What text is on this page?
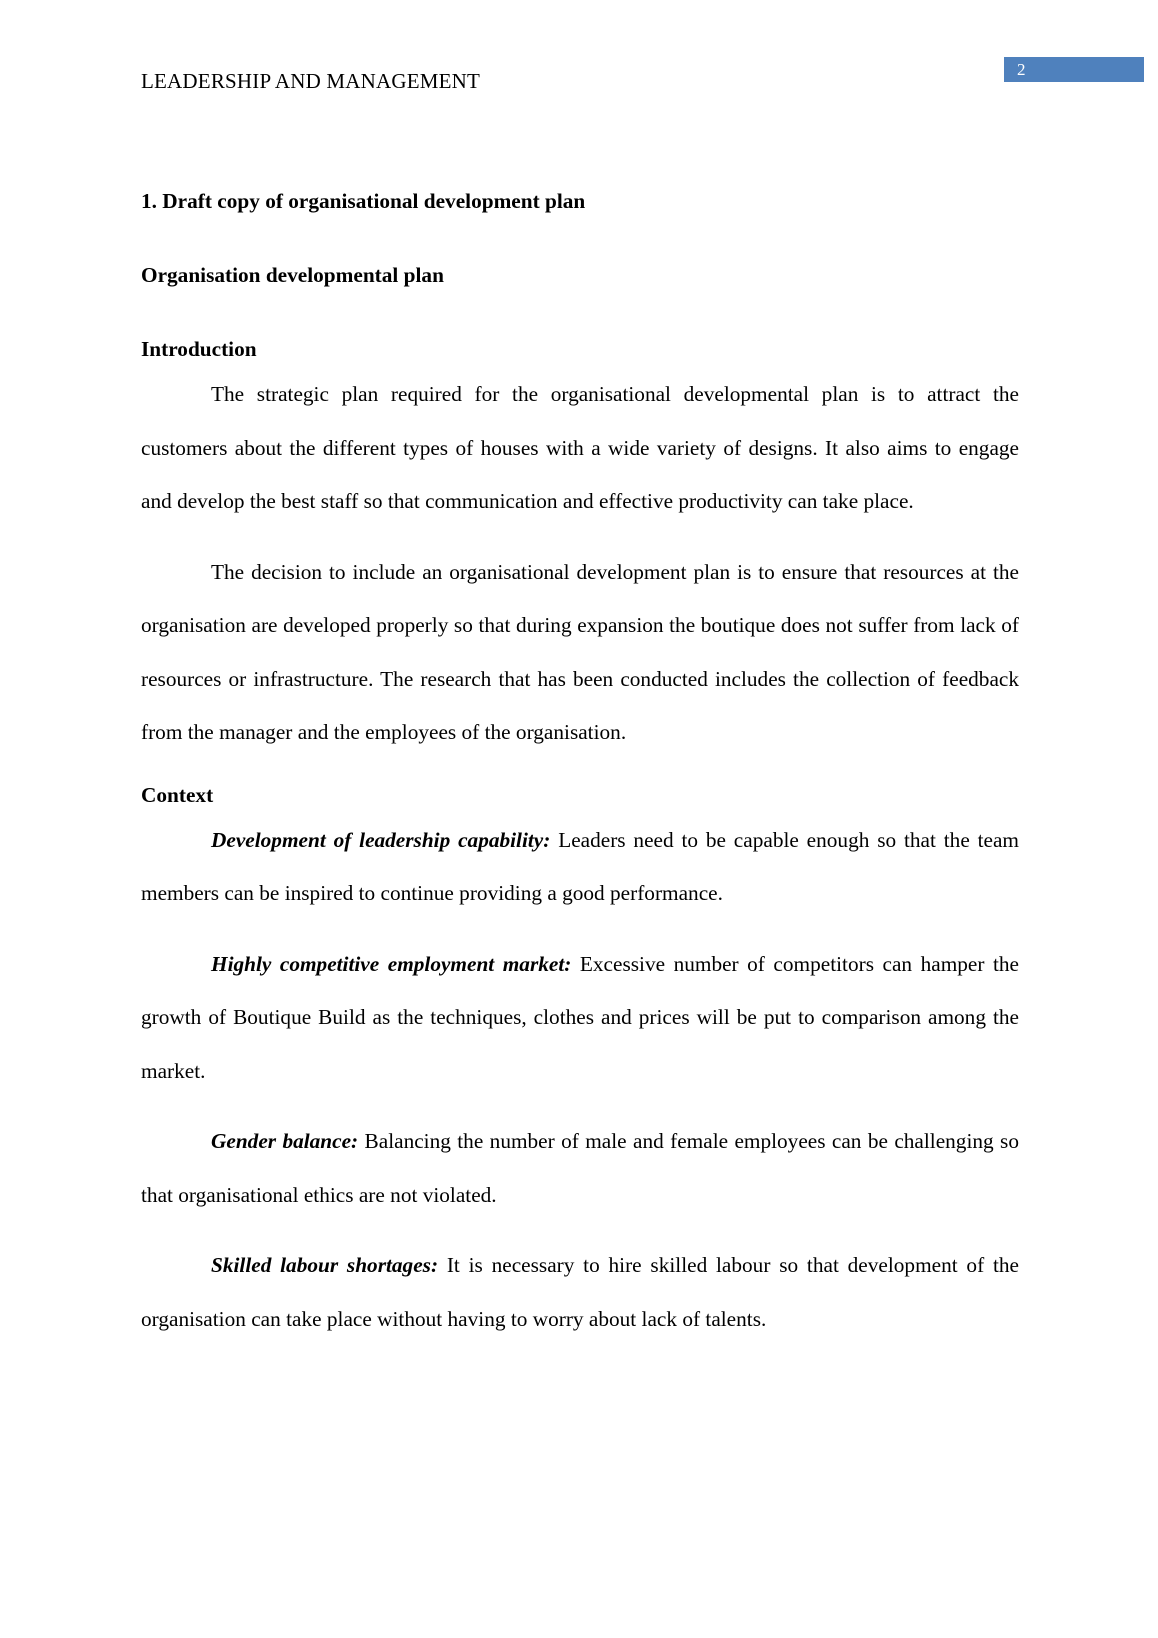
2
LEADERSHIP AND MANAGEMENT
1. Draft copy of organisational development plan
Organisation developmental plan
Introduction

The strategic plan required for the organisational developmental plan is to attract the customers about the different types of houses with a wide variety of designs. It also aims to engage and develop the best staff so that communication and effective productivity can take place.

The decision to include an organisational development plan is to ensure that resources at the organisation are developed properly so that during expansion the boutique does not suffer from lack of resources or infrastructure. The research that has been conducted includes the collection of feedback from the manager and the employees of the organisation.

Context

Development of leadership capability: Leaders need to be capable enough so that the team members can be inspired to continue providing a good performance.

Highly competitive employment market: Excessive number of competitors can hamper the growth of Boutique Build as the techniques, clothes and prices will be put to comparison among the market.

Gender balance: Balancing the number of male and female employees can be challenging so that organisational ethics are not violated.

Skilled labour shortages: It is necessary to hire skilled labour so that development of the organisation can take place without having to worry about lack of talents.
